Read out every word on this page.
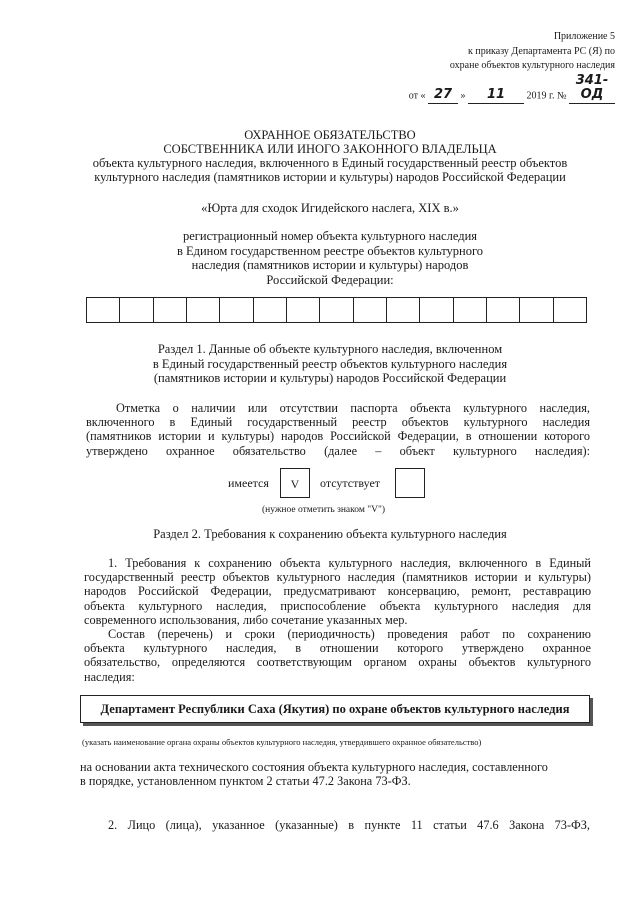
Приложение 5
к приказу Департамента РС (Я) по
охране объектов культурного наследия
от « 27 » 11 2019 г. № 341-ОД
ОХРАННОЕ ОБЯЗАТЕЛЬСТВО
СОБСТВЕННИКА ИЛИ ИНОГО ЗАКОННОГО ВЛАДЕЛЬЦА
объекта культурного наследия, включенного в Единый государственный реестр объектов
культурного наследия (памятников истории и культуры) народов Российской Федерации
«Юрта для сходок Игидейского наслега, XIX в.»
регистрационный номер объекта культурного наследия
в Едином государственном реестре объектов культурного
наследия (памятников истории и культуры) народов
Российской Федерации:
Раздел 1. Данные об объекте культурного наследия, включенном
в Единый государственный реестр объектов культурного наследия
(памятников истории и культуры) народов Российской Федерации
Отметка о наличии или отсутствии паспорта объекта культурного наследия,
включенного в Единый государственный реестр объектов культурного наследия
(памятников истории и культуры) народов Российской Федерации, в отношении которого
утверждено охранное обязательство (далее – объект культурного наследия):
имеется	V	отсутствует
(нужное отметить знаком "V")
Раздел 2. Требования к сохранению объекта культурного наследия
1. Требования к сохранению объекта культурного наследия, включенного в Единый
государственный реестр объектов культурного наследия (памятников истории и культуры)
народов Российской Федерации, предусматривают консервацию, ремонт, реставрацию
объекта культурного наследия, приспособление объекта культурного наследия для
современного использования, либо сочетание указанных мер.
Состав (перечень) и сроки (периодичность) проведения работ по сохранению
объекта культурного наследия, в отношении которого утверждено охранное
обязательство, определяются соответствующим органом охраны объектов культурного
наследия:
Департамент Республики Саха (Якутия) по охране объектов культурного наследия
(указать наименование органа охраны объектов культурного наследия, утвердившего охранное обязательство)
на основании акта технического состояния объекта культурного наследия, составленного
в порядке, установленном пунктом 2 статьи 47.2 Закона 73-ФЗ.
2. Лицо (лица), указанное (указанные) в пункте 11 статьи 47.6 Закона 73-ФЗ,
